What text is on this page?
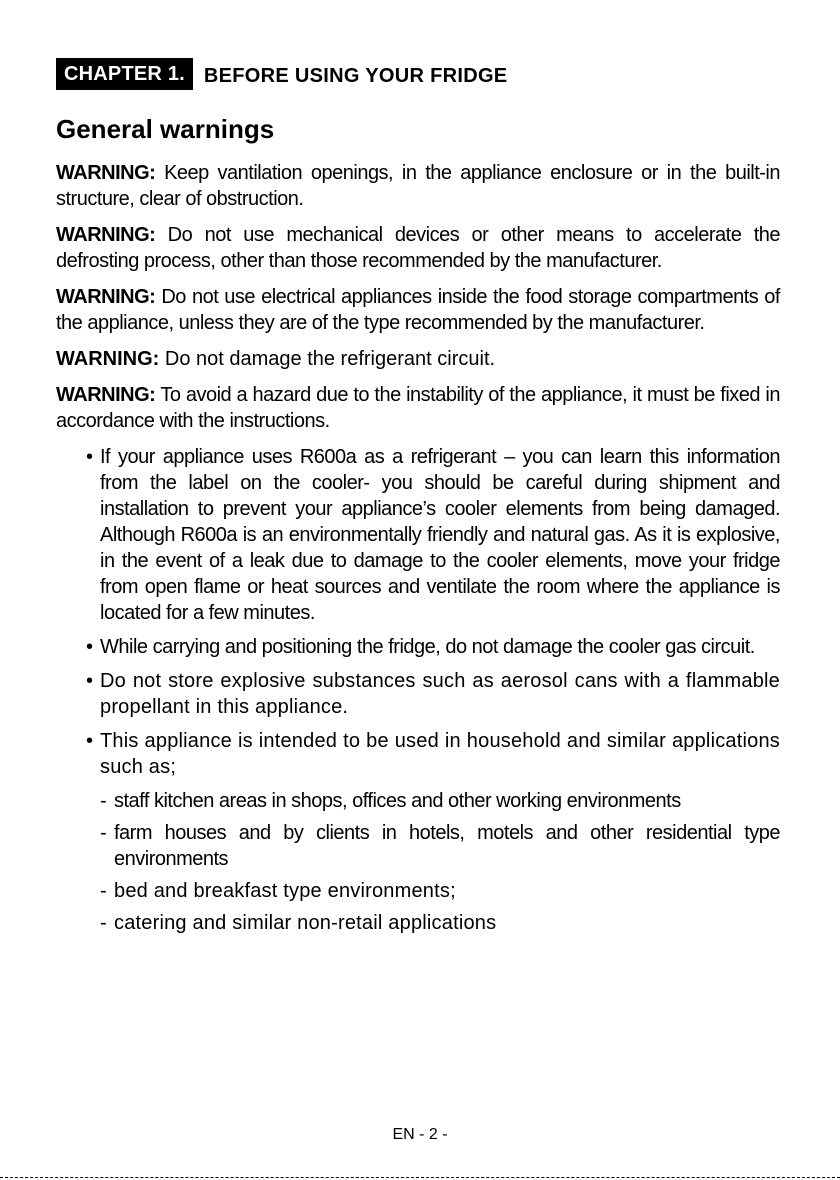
CHAPTER 1. BEFORE USING YOUR FRIDGE
General warnings

WARNING: Keep vantilation openings, in the appliance enclosure or in the built-in structure, clear of obstruction.

WARNING: Do not use mechanical devices or other means to accelerate the defrosting process, other than those recommended by the manufacturer.

WARNING: Do not use electrical appliances inside the food storage compartments of the appliance, unless they are of the type recommended by the manufacturer.

WARNING: Do not damage the refrigerant circuit.

WARNING: To avoid a hazard due to the instability of the appliance, it must be fixed in accordance with the instructions.

• If your appliance uses R600a as a refrigerant – you can learn this information from the label on the cooler- you should be careful during shipment and installation to prevent your appliance’s cooler elements from being damaged. Although R600a is an environmentally friendly and natural gas. As it is explosive, in the event of a leak due to damage to the cooler elements, move your fridge from open flame or heat sources and ventilate the room where the appliance is located for a few minutes.
• While carrying and positioning the fridge, do not damage the cooler gas circuit.
• Do not store explosive substances such as aerosol cans with a flammable propellant in this appliance.
• This appliance is intended to be used in household and similar applications such as;
- staff kitchen areas in shops, offices and other working environments
- farm houses and by clients in hotels, motels and other residential type environments
- bed and breakfast type environments;
- catering and similar non-retail applications
EN - 2 -
